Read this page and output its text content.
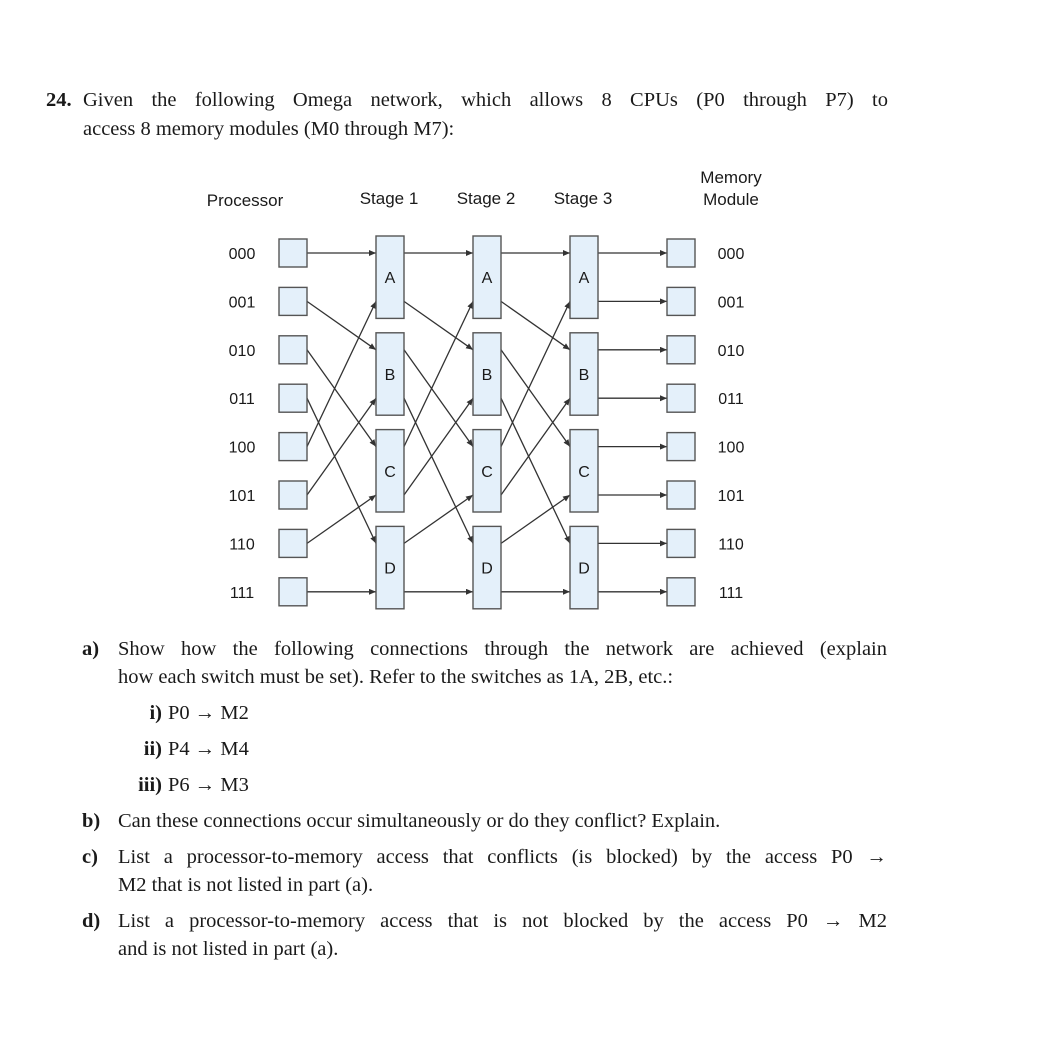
24. Given the following Omega network, which allows 8 CPUs (P0 through P7) to
access 8 memory modules (M0 through M7):
Processor	Stage 1 Stage 2 Stage 3
Memory
Module
000	000
001	001
010	010
011	011
100	100
101	101
110	110
111	111
A
B
C
D
A
B
C
D
A
B
C
D
a) Show how the following connections through the network are achieved (explain
how each switch must be set). Refer to the switches as 1A, 2B, etc.:
i) P0 → M2
ii) P4 → M4
iii) P6 → M3
b) Can these connections occur simultaneously or do they conflict? Explain.
c) List a processor-to-memory access that conflicts (is blocked) by the access P0 →
M2 that is not listed in part (a).
d) List a processor-to-memory access that is not blocked by the access P0 → M2
and is not listed in part (a).
